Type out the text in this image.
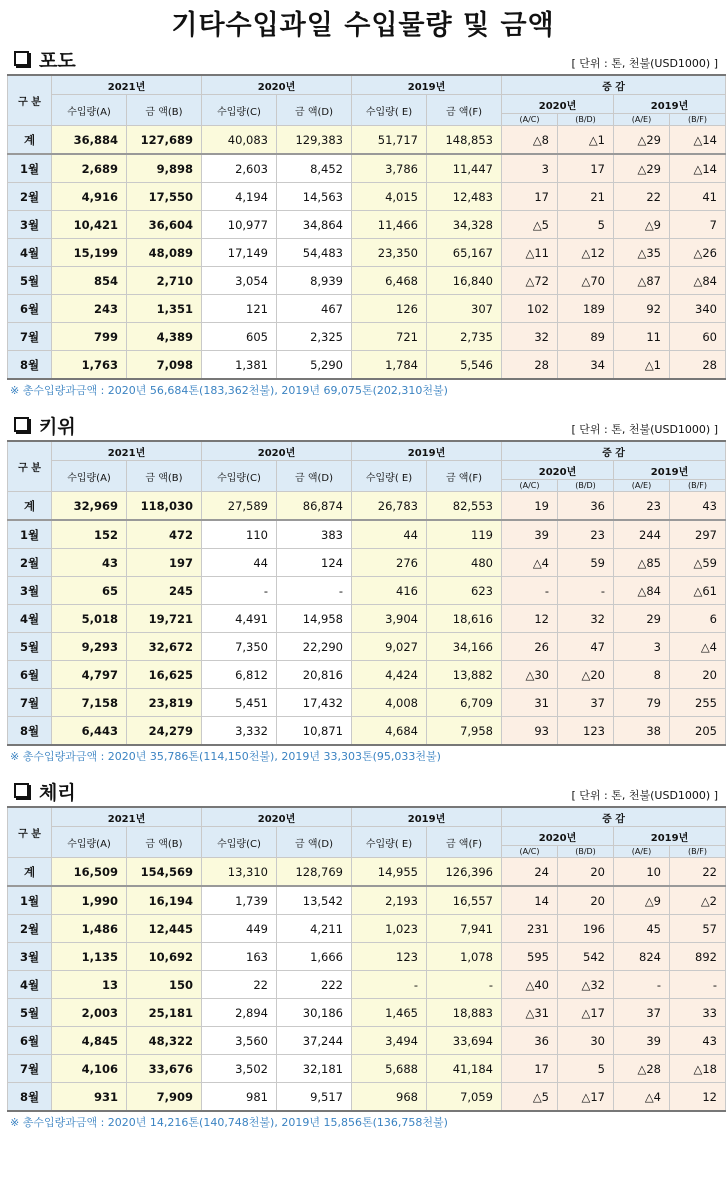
기타수입과일 수입물량 및 금액
포도	[ 단위 : 톤, 천불(USD1000) ]
구 분	2021년		2020년		2019년		증 감			
	수입량(A)	금 액(B)	수입량(C)	금 액(D)	수입량( E)	금 액(F)	2020년		2019년	
							(A/C)	(B/D)	(A/E)	(B/F)
계	36,884	127,689	40,083	129,383	51,717	148,853	△8	△1	△29	△14
1월	2,689	9,898	2,603	8,452	3,786	11,447	3	17	△29	△14
2월	4,916	17,550	4,194	14,563	4,015	12,483	17	21	22	41
3월	10,421	36,604	10,977	34,864	11,466	34,328	△5	5	△9	7
4월	15,199	48,089	17,149	54,483	23,350	65,167	△11	△12	△35	△26
5월	854	2,710	3,054	8,939	6,468	16,840	△72	△70	△87	△84
6월	243	1,351	121	467	126	307	102	189	92	340
7월	799	4,389	605	2,325	721	2,735	32	89	11	60
8월	1,763	7,098	1,381	5,290	1,784	5,546	28	34	△1	28
※ 총수입량과금액 : 2020년 56,684톤(183,362천불), 2019년 69,075톤(202,310천불)
키위	[ 단위 : 톤, 천불(USD1000) ]
구 분	2021년		2020년		2019년		증 감			
	수입량(A)	금 액(B)	수입량(C)	금 액(D)	수입량( E)	금 액(F)	2020년		2019년	
							(A/C)	(B/D)	(A/E)	(B/F)
계	32,969	118,030	27,589	86,874	26,783	82,553	19	36	23	43
1월	152	472	110	383	44	119	39	23	244	297
2월	43	197	44	124	276	480	△4	59	△85	△59
3월	65	245	-	-	416	623	-	-	△84	△61
4월	5,018	19,721	4,491	14,958	3,904	18,616	12	32	29	6
5월	9,293	32,672	7,350	22,290	9,027	34,166	26	47	3	△4
6월	4,797	16,625	6,812	20,816	4,424	13,882	△30	△20	8	20
7월	7,158	23,819	5,451	17,432	4,008	6,709	31	37	79	255
8월	6,443	24,279	3,332	10,871	4,684	7,958	93	123	38	205
※ 총수입량과금액 : 2020년 35,786톤(114,150천불), 2019년 33,303톤(95,033천불)
체리	[ 단위 : 톤, 천불(USD1000) ]
구 분	2021년		2020년		2019년		증 감			
	수입량(A)	금 액(B)	수입량(C)	금 액(D)	수입량( E)	금 액(F)	2020년		2019년	
							(A/C)	(B/D)	(A/E)	(B/F)
계	16,509	154,569	13,310	128,769	14,955	126,396	24	20	10	22
1월	1,990	16,194	1,739	13,542	2,193	16,557	14	20	△9	△2
2월	1,486	12,445	449	4,211	1,023	7,941	231	196	45	57
3월	1,135	10,692	163	1,666	123	1,078	595	542	824	892
4월	13	150	22	222	-	-	△40	△32	-	-
5월	2,003	25,181	2,894	30,186	1,465	18,883	△31	△17	37	33
6월	4,845	48,322	3,560	37,244	3,494	33,694	36	30	39	43
7월	4,106	33,676	3,502	32,181	5,688	41,184	17	5	△28	△18
8월	931	7,909	981	9,517	968	7,059	△5	△17	△4	12
※ 총수입량과금액 : 2020년 14,216톤(140,748천불), 2019년 15,856톤(136,758천불)
